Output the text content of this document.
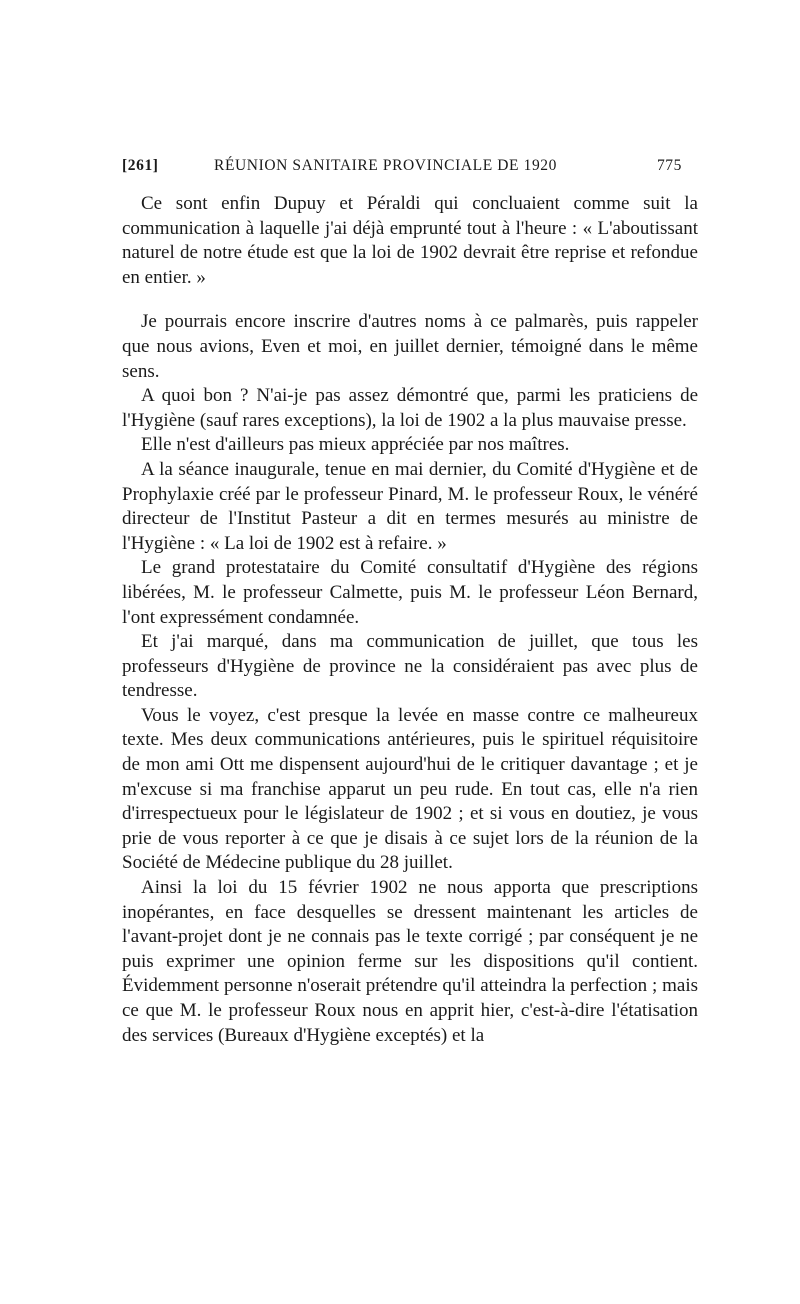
[261]	RÉUNION SANITAIRE PROVINCIALE DE 1920	775

Ce sont enfin Dupuy et Péraldi qui concluaient comme suit la communication à laquelle j'ai déjà emprunté tout à l'heure : « L'aboutissant naturel de notre étude est que la loi de 1902 devrait être reprise et refondue en entier. »

Je pourrais encore inscrire d'autres noms à ce palmarès, puis rappeler que nous avions, Even et moi, en juillet dernier, témoigné dans le même sens.

A quoi bon ? N'ai-je pas assez démontré que, parmi les praticiens de l'Hygiène (sauf rares exceptions), la loi de 1902 a la plus mauvaise presse.

Elle n'est d'ailleurs pas mieux appréciée par nos maîtres.

A la séance inaugurale, tenue en mai dernier, du Comité d'Hygiène et de Prophylaxie créé par le professeur Pinard, M. le professeur Roux, le vénéré directeur de l'Institut Pasteur a dit en termes mesurés au ministre de l'Hygiène : « La loi de 1902 est à refaire. »

Le grand protestataire du Comité consultatif d'Hygiène des régions libérées, M. le professeur Calmette, puis M. le professeur Léon Bernard, l'ont expressément condamnée.

Et j'ai marqué, dans ma communication de juillet, que tous les professeurs d'Hygiène de province ne la considéraient pas avec plus de tendresse.

Vous le voyez, c'est presque la levée en masse contre ce malheureux texte. Mes deux communications antérieures, puis le spirituel réquisitoire de mon ami Ott me dispensent aujourd'hui de le critiquer davantage ; et je m'excuse si ma franchise apparut un peu rude. En tout cas, elle n'a rien d'irrespectueux pour le législateur de 1902 ; et si vous en doutiez, je vous prie de vous reporter à ce que je disais à ce sujet lors de la réunion de la Société de Médecine publique du 28 juillet.

Ainsi la loi du 15 février 1902 ne nous apporta que prescriptions inopérantes, en face desquelles se dressent maintenant les articles de l'avant-projet dont je ne connais pas le texte corrigé ; par conséquent je ne puis exprimer une opinion ferme sur les dispositions qu'il contient. Évidemment personne n'oserait prétendre qu'il atteindra la perfection ; mais ce que M. le professeur Roux nous en apprit hier, c'est-à-dire l'étatisation des services (Bureaux d'Hygiène exceptés) et la
